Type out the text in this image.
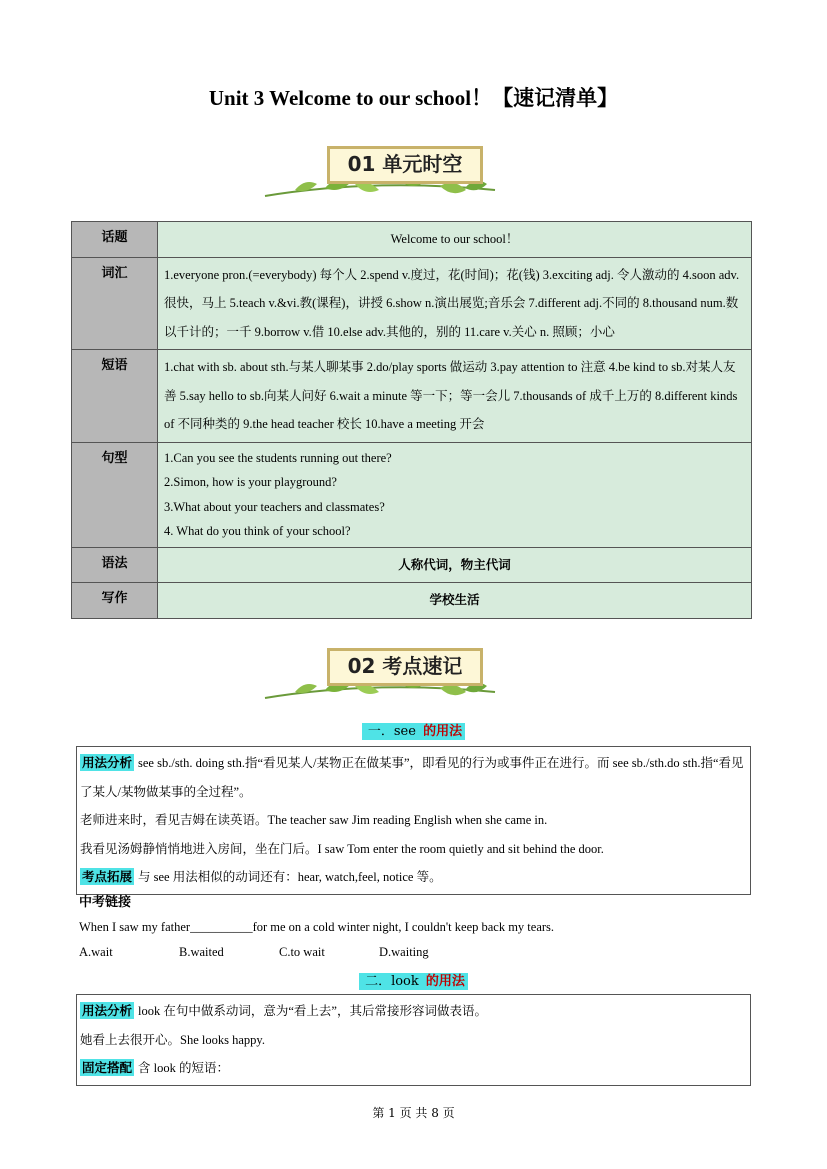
Unit 3 Welcome to our school！【速记清单】
01 单元时空
话题	Welcome to our school！
词汇	1.everyone pron.(=everybody) 每个人 2.spend v.度过，花(时间)；花(钱) 3.exciting adj. 令人激动的 4.soon adv.很快，马上 5.teach v.&vi.教(课程)，讲授 6.show n.演出展览;音乐会 7.different adj.不同的 8.thousand num.数以千计的；一千 9.borrow v.借 10.else adv.其他的，别的 11.care v.关心 n. 照顾；小心
短语	1.chat with sb. about sth.与某人聊某事 2.do/play sports 做运动 3.pay attention to 注意 4.be kind to sb.对某人友善 5.say hello to sb.向某人问好 6.wait a minute 等一下；等一会儿 7.thousands of 成千上万的 8.different kinds of 不同种类的 9.the head teacher 校长 10.have a meeting 开会
句型	1.Can you see the students running out there?
2.Simon, how is your playground?
3.What about your teachers and classmates?
4. What do you think of your school?

语法	人称代词，物主代词
写作	学校生活
02 考点速记
一．see 的用法
用法分析 see sb./sth. doing sth.指“看见某人/某物正在做某事”，即看见的行为或事件正在进行。而 see sb./sth.do sth.指“看见了某人/某物做某事的全过程”。
老师进来时，看见吉姆在读英语。The teacher saw Jim reading English when she came in.
我看见汤姆静悄悄地进入房间，坐在门后。I saw Tom enter the room quietly and sit behind the door.
考点拓展 与 see 用法相似的动词还有：hear, watch,feel, notice 等。
中考链接
When I saw my father__________for me on a cold winter night, I couldn't keep back my tears.
A.wait	B.waited	C.to wait	D.waiting
二．look 的用法
用法分析 look 在句中做系动词，意为“看上去”，其后常接形容词做表语。
她看上去很开心。She looks happy.
固定搭配 含 look 的短语：
第 1 页 共 8 页
